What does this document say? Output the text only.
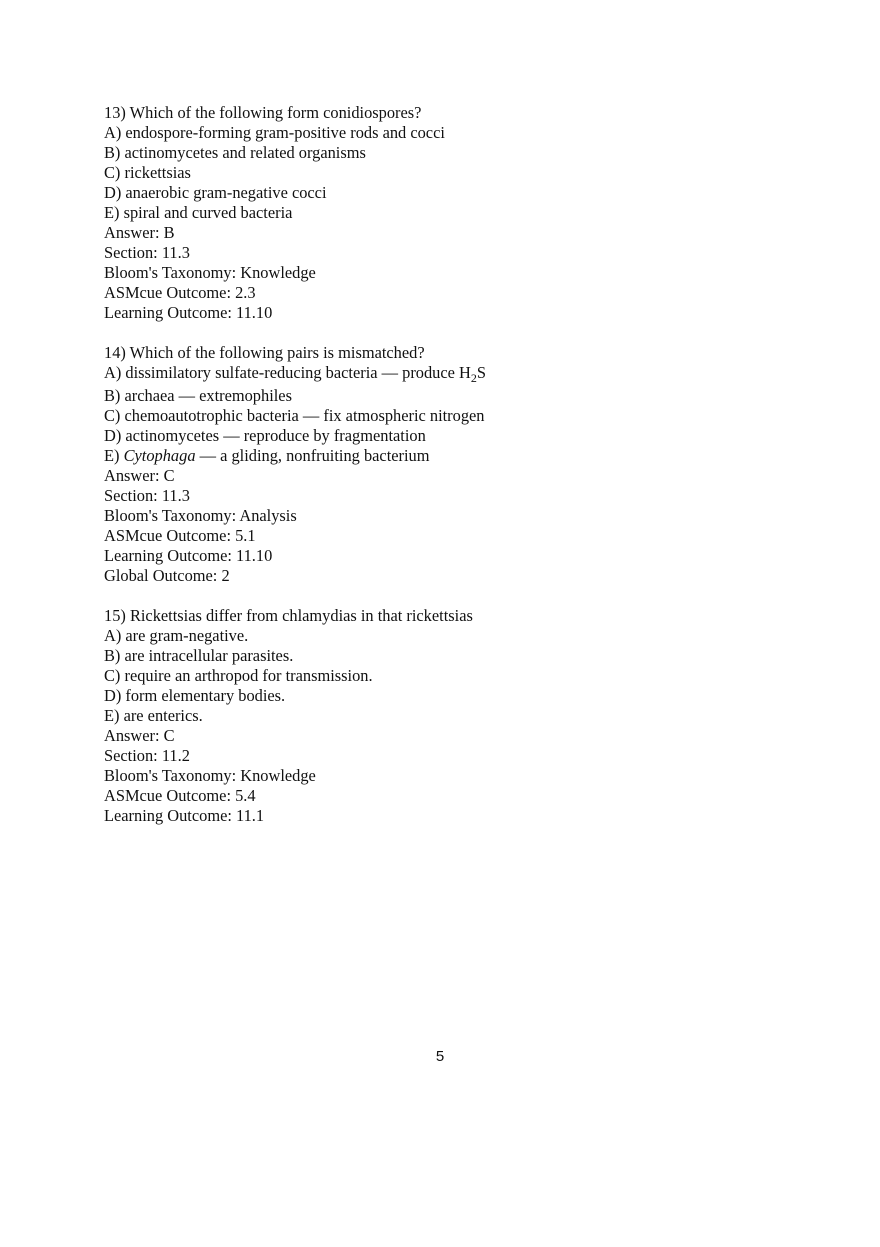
13) Which of the following form conidiospores?
A) endospore-forming gram-positive rods and cocci
B) actinomycetes and related organisms
C) rickettsias
D) anaerobic gram-negative cocci
E) spiral and curved bacteria
Answer: B
Section: 11.3
Bloom's Taxonomy: Knowledge
ASMcue Outcome: 2.3
Learning Outcome: 11.10
14) Which of the following pairs is mismatched?
A) dissimilatory sulfate-reducing bacteria — produce $H_2S$
B) archaea — extremophiles
C) chemoautotrophic bacteria — fix atmospheric nitrogen
D) actinomycetes — reproduce by fragmentation
E) Cytophaga — a gliding, nonfruiting bacterium
Answer: C
Section: 11.3
Bloom's Taxonomy: Analysis
ASMcue Outcome: 5.1
Learning Outcome: 11.10
Global Outcome: 2
15) Rickettsias differ from chlamydias in that rickettsias
A) are gram-negative.
B) are intracellular parasites.
C) require an arthropod for transmission.
D) form elementary bodies.
E) are enterics.
Answer: C
Section: 11.2
Bloom's Taxonomy: Knowledge
ASMcue Outcome: 5.4
Learning Outcome: 11.1
5
